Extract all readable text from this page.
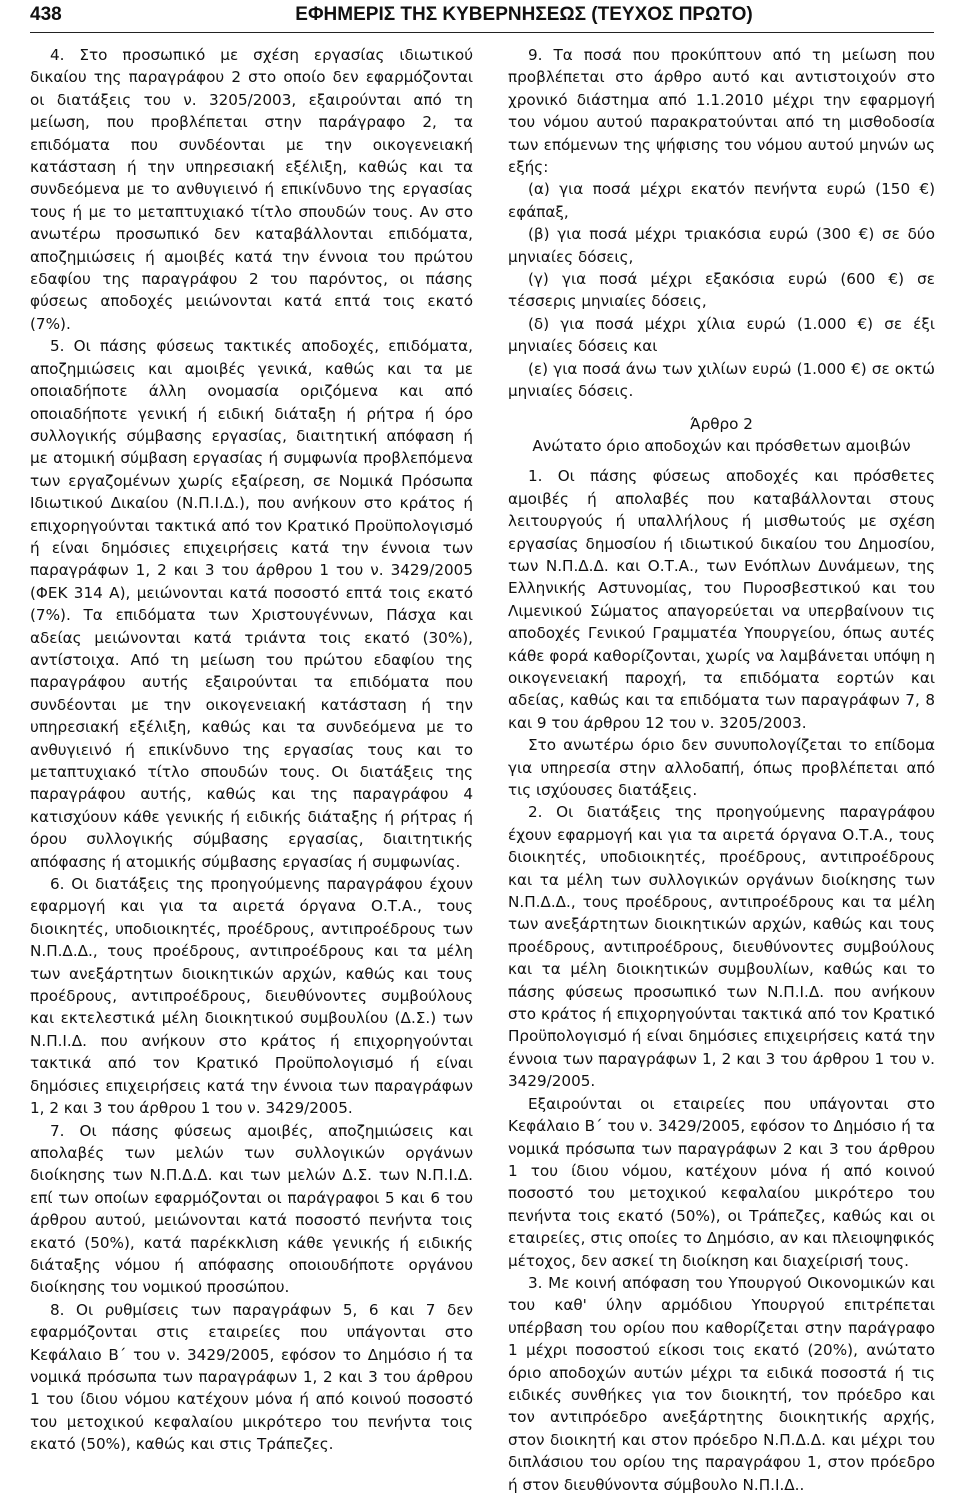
438	ΕΦΗΜΕΡΙΣ ΤΗΣ ΚΥΒΕΡΝΗΣΕΩΣ (ΤΕΥΧΟΣ ΠΡΩΤΟ)

4. Στο προσωπικό με σχέση εργασίας ιδιωτικού δικαίου της παραγράφου 2 στο οποίο δεν εφαρμόζονται οι διατάξεις του ν. 3205/2003, εξαιρούνται από τη μείωση, που προβλέπεται στην παράγραφο 2, τα επιδόματα που συνδέονται με την οικογενειακή κατάσταση ή την υπηρεσιακή εξέλιξη, καθώς και τα συνδεόμενα με το ανθυγιεινό ή επικίνδυνο της εργασίας τους ή με το μεταπτυχιακό τίτλο σπουδών τους. Αν στο ανωτέρω προσωπικό δεν καταβάλλονται επιδόματα, αποζημιώσεις ή αμοιβές κατά την έννοια του πρώτου εδαφίου της παραγράφου 2 του παρόντος, οι πάσης φύσεως αποδοχές μειώνονται κατά επτά τοις εκατό (7%).

5. Οι πάσης φύσεως τακτικές αποδοχές, επιδόματα, αποζημιώσεις και αμοιβές γενικά, καθώς και τα με οποιαδήποτε άλλη ονομασία οριζόμενα και από οποιαδήποτε γενική ή ειδική διάταξη ή ρήτρα ή όρο συλλογικής σύμβασης εργασίας, διαιτητική απόφαση ή με ατομική σύμβαση εργασίας ή συμφωνία προβλεπόμενα των εργαζομένων χωρίς εξαίρεση, σε Νομικά Πρόσωπα Ιδιωτικού Δικαίου (Ν.Π.Ι.Δ.), που ανήκουν στο κράτος ή επιχορηγούνται τακτικά από τον Κρατικό Προϋπολογισμό ή είναι δημόσιες επιχειρήσεις κατά την έννοια των παραγράφων 1, 2 και 3 του άρθρου 1 του ν. 3429/2005 (ΦΕΚ 314 Α), μειώνονται κατά ποσοστό επτά τοις εκατό (7%). Τα επιδόματα των Χριστουγέννων, Πάσχα και αδείας μειώνονται κατά τριάντα τοις εκατό (30%), αντίστοιχα. Από τη μείωση του πρώτου εδαφίου της παραγράφου αυτής εξαιρούνται τα επιδόματα που συνδέονται με την οικογενειακή κατάσταση ή την υπηρεσιακή εξέλιξη, καθώς και τα συνδεόμενα με το ανθυγιεινό ή επικίνδυνο της εργασίας τους και το μεταπτυχιακό τίτλο σπουδών τους. Οι διατάξεις της παραγράφου αυτής, καθώς και της παραγράφου 4 κατισχύουν κάθε γενικής ή ειδικής διάταξης ή ρήτρας ή όρου συλλογικής σύμβασης εργασίας, διαιτητικής απόφασης ή ατομικής σύμβασης εργασίας ή συμφωνίας.

6. Οι διατάξεις της προηγούμενης παραγράφου έχουν εφαρμογή και για τα αιρετά όργανα Ο.Τ.Α., τους διοικητές, υποδιοικητές, προέδρους, αντιπροέδρους των Ν.Π.Δ.Δ., τους προέδρους, αντιπροέδρους και τα μέλη των ανεξάρτητων διοικητικών αρχών, καθώς και τους προέδρους, αντιπροέδρους, διευθύνοντες συμβούλους και εκτελεστικά μέλη διοικητικού συμβουλίου (Δ.Σ.) των Ν.Π.Ι.Δ. που ανήκουν στο κράτος ή επιχορηγούνται τακτικά από τον Κρατικό Προϋπολογισμό ή είναι δημόσιες επιχειρήσεις κατά την έννοια των παραγράφων 1, 2 και 3 του άρθρου 1 του ν. 3429/2005.

7. Οι πάσης φύσεως αμοιβές, αποζημιώσεις και απολαβές των μελών των συλλογικών οργάνων διοίκησης των Ν.Π.Δ.Δ. και των μελών Δ.Σ. των Ν.Π.Ι.Δ. επί των οποίων εφαρμόζονται οι παράγραφοι 5 και 6 του άρθρου αυτού, μειώνονται κατά ποσοστό πενήντα τοις εκατό (50%), κατά παρέκκλιση κάθε γενικής ή ειδικής διάταξης νόμου ή απόφασης οποιουδήποτε οργάνου διοίκησης του νομικού προσώπου.

8. Οι ρυθμίσεις των παραγράφων 5, 6 και 7 δεν εφαρμόζονται στις εταιρείες που υπάγονται στο Κεφάλαιο Β΄ του ν. 3429/2005, εφόσον το Δημόσιο ή τα νομικά πρόσωπα των παραγράφων 1, 2 και 3 του άρθρου 1 του ίδιου νόμου κατέχουν μόνα ή από κοινού ποσοστό του μετοχικού κεφαλαίου μικρότερο του πενήντα τοις εκατό (50%), καθώς και στις Τράπεζες.

9. Τα ποσά που προκύπτουν από τη μείωση που προβλέπεται στο άρθρο αυτό και αντιστοιχούν στο χρονικό διάστημα από 1.1.2010 μέχρι την εφαρμογή του νόμου αυτού παρακρατούνται από τη μισθοδοσία των επόμενων της ψήφισης του νόμου αυτού μηνών ως εξής:

(α) για ποσά μέχρι εκατόν πενήντα ευρώ (150 €) εφάπαξ,

(β) για ποσά μέχρι τριακόσια ευρώ (300 €) σε δύο μηνιαίες δόσεις,

(γ) για ποσά μέχρι εξακόσια ευρώ (600 €) σε τέσσερις μηνιαίες δόσεις,

(δ) για ποσά μέχρι χίλια ευρώ (1.000 €) σε έξι μηνιαίες δόσεις και

(ε) για ποσά άνω των χιλίων ευρώ (1.000 €) σε οκτώ μηνιαίες δόσεις.

Άρθρο 2

Ανώτατο όριο αποδοχών και πρόσθετων αμοιβών

1. Οι πάσης φύσεως αποδοχές και πρόσθετες αμοιβές ή απολαβές που καταβάλλονται στους λειτουργούς ή υπαλλήλους ή μισθωτούς με σχέση εργασίας δημοσίου ή ιδιωτικού δικαίου του Δημοσίου, των Ν.Π.Δ.Δ. και Ο.Τ.Α., των Ενόπλων Δυνάμεων, της Ελληνικής Αστυνομίας, του Πυροσβεστικού και του Λιμενικού Σώματος απαγορεύεται να υπερβαίνουν τις αποδοχές Γενικού Γραμματέα Υπουργείου, όπως αυτές κάθε φορά καθορίζονται, χωρίς να λαμβάνεται υπόψη η οικογενειακή παροχή, τα επιδόματα εορτών και αδείας, καθώς και τα επιδόματα των παραγράφων 7, 8 και 9 του άρθρου 12 του ν. 3205/2003.

Στο ανωτέρω όριο δεν συνυπολογίζεται το επίδομα για υπηρεσία στην αλλοδαπή, όπως προβλέπεται από τις ισχύουσες διατάξεις.

2. Οι διατάξεις της προηγούμενης παραγράφου έχουν εφαρμογή και για τα αιρετά όργανα Ο.Τ.Α., τους διοικητές, υποδιοικητές, προέδρους, αντιπροέδρους και τα μέλη των συλλογικών οργάνων διοίκησης των Ν.Π.Δ.Δ., τους προέδρους, αντιπροέδρους και τα μέλη των ανεξάρτητων διοικητικών αρχών, καθώς και τους προέδρους, αντιπροέδρους, διευθύνοντες συμβούλους και τα μέλη διοικητικών συμβουλίων, καθώς και το πάσης φύσεως προσωπικό των Ν.Π.Ι.Δ. που ανήκουν στο κράτος ή επιχορηγούνται τακτικά από τον Κρατικό Προϋπολογισμό ή είναι δημόσιες επιχειρήσεις κατά την έννοια των παραγράφων 1, 2 και 3 του άρθρου 1 του ν. 3429/2005.

Εξαιρούνται οι εταιρείες που υπάγονται στο Κεφάλαιο Β΄ του ν. 3429/2005, εφόσον το Δημόσιο ή τα νομικά πρόσωπα των παραγράφων 2 και 3 του άρθρου 1 του ίδιου νόμου, κατέχουν μόνα ή από κοινού ποσοστό του μετοχικού κεφαλαίου μικρότερο του πενήντα τοις εκατό (50%), οι Τράπεζες, καθώς και οι εταιρείες, στις οποίες το Δημόσιο, αν και πλειοψηφικός μέτοχος, δεν ασκεί τη διοίκηση και διαχείρισή τους.

3. Με κοινή απόφαση του Υπουργού Οικονομικών και του καθ' ύλην αρμόδιου Υπουργού επιτρέπεται υπέρβαση του ορίου που καθορίζεται στην παράγραφο 1 μέχρι ποσοστού είκοσι τοις εκατό (20%), ανώτατο όριο αποδοχών αυτών μέχρι τα ειδικά ποσοστά ή τις ειδικές συνθήκες για τον διοικητή, τον πρόεδρο και τον αντιπρόεδρο ανεξάρτητης διοικητικής αρχής, στον διοικητή και στον πρόεδρο Ν.Π.Δ.Δ. και μέχρι του διπλάσιου του ορίου της παραγράφου 1, στον πρόεδρο ή στον διευθύνοντα σύμβουλο Ν.Π.Ι.Δ..
